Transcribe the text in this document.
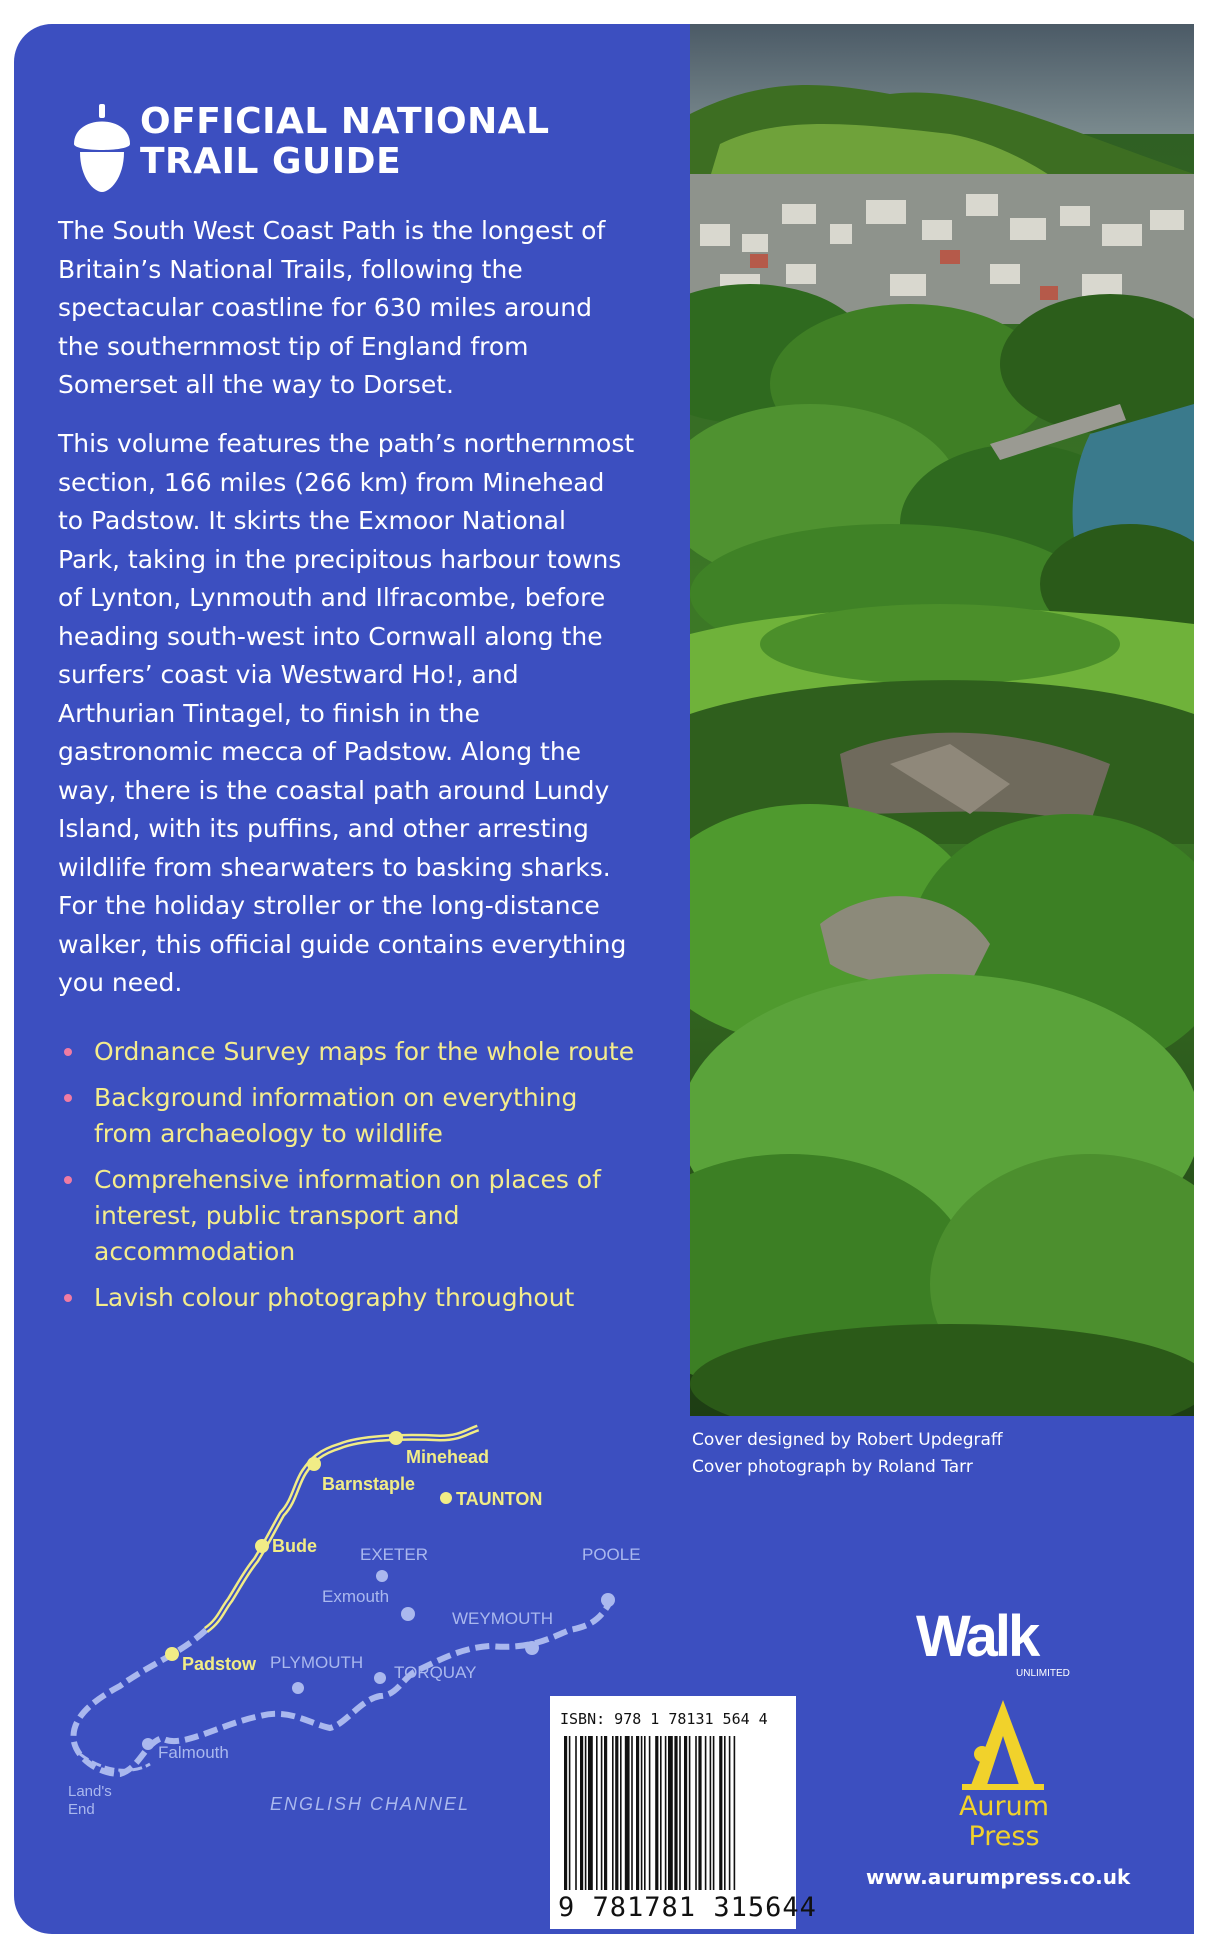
OFFICIAL NATIONAL
TRAIL GUIDE
The South West Coast Path is the longest of
Britain’s National Trails, following the
spectacular coastline for 630 miles around
the southernmost tip of England from
Somerset all the way to Dorset.
This volume features the path’s northernmost
section, 166 miles (266 km) from Minehead
to Padstow. It skirts the Exmoor National
Park, taking in the precipitous harbour towns
of Lynton, Lynmouth and Ilfracombe, before
heading south-west into Cornwall along the
surfers’ coast via Westward Ho!, and
Arthurian Tintagel, to finish in the
gastronomic mecca of Padstow. Along the
way, there is the coastal path around Lundy
Island, with its puffins, and other arresting
wildlife from shearwaters to basking sharks.
For the holiday stroller or the long-distance
walker, this official guide contains everything
you need.
Ordnance Survey maps for the whole route
Background information on everything
from archaeology to wildlife
Comprehensive information on places of
interest, public transport and
accommodation
Lavish colour photography throughout
Cover designed by Robert Updegraff
Cover photograph by Roland Tarr
Minehead
Barnstaple
TAUNTON
Bude	EXETER	POOLE
Exmouth
WEYMOUTH
Padstow PLYMOUTH
TORQUAY
Falmouth
Land's End	ENGLISH CHANNEL
Walk
UNLIMITED
ISBN: 978 1 78131 564 4
9 781781 315644
Aurum
Press
www.aurumpress.co.uk
